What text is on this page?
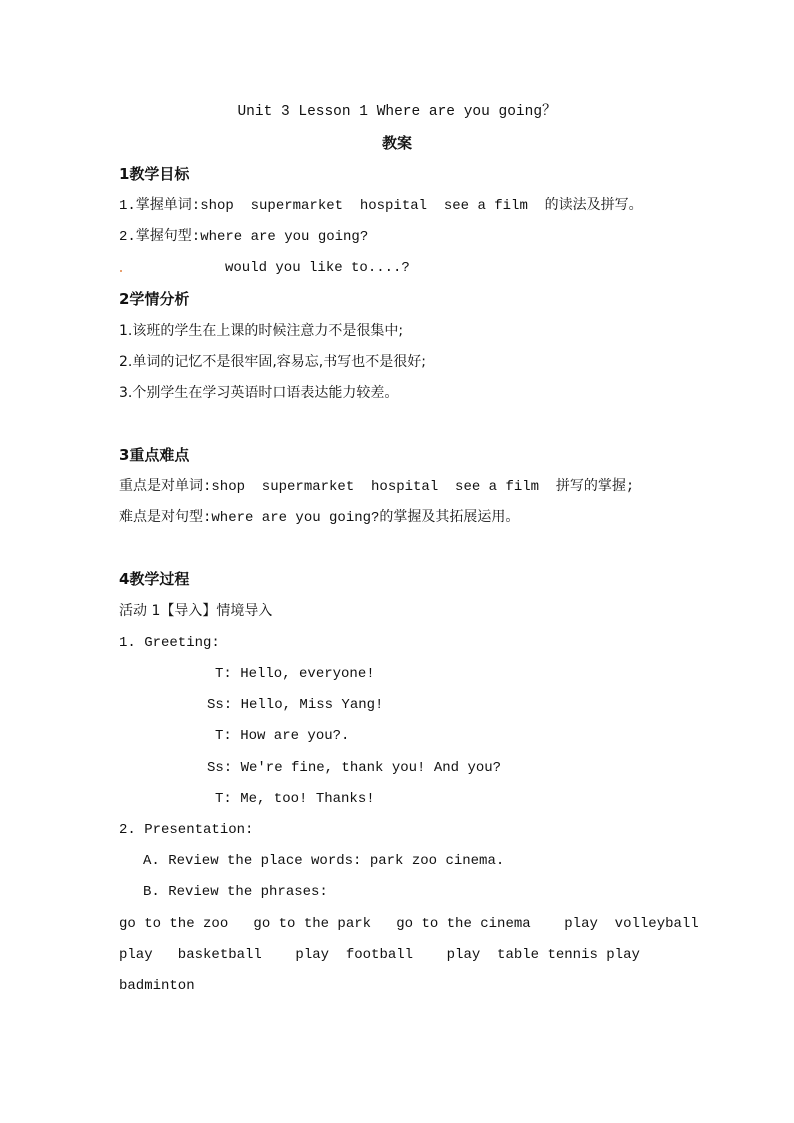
Unit 3 Lesson 1 Where are you going？
教案
1教学目标
1.掌握单词:shop  supermarket  hospital  see a film  的读法及拼写。
2.掌握句型:where are you going?
would you like to....?
2学情分析
1.该班的学生在上课的时候注意力不是很集中;
2.单词的记忆不是很牢固,容易忘,书写也不是很好;
3.个别学生在学习英语时口语表达能力较差。
3重点难点
重点是对单词:shop  supermarket  hospital  see a film  拼写的掌握;
难点是对句型:where are you going?的掌握及其拓展运用。
4教学过程
活动 1【导入】情境导入
1. Greeting:
T: Hello, everyone!
Ss: Hello, Miss Yang!
T: How are you?.
Ss: We're fine, thank you! And you?
T: Me, too! Thanks!
2. Presentation:
A. Review the place words: park zoo cinema.
B. Review the phrases:
go to the zoo   go to the park   go to the cinema    play  volleyball
play   basketball    play  football    play  table tennis play
badminton
